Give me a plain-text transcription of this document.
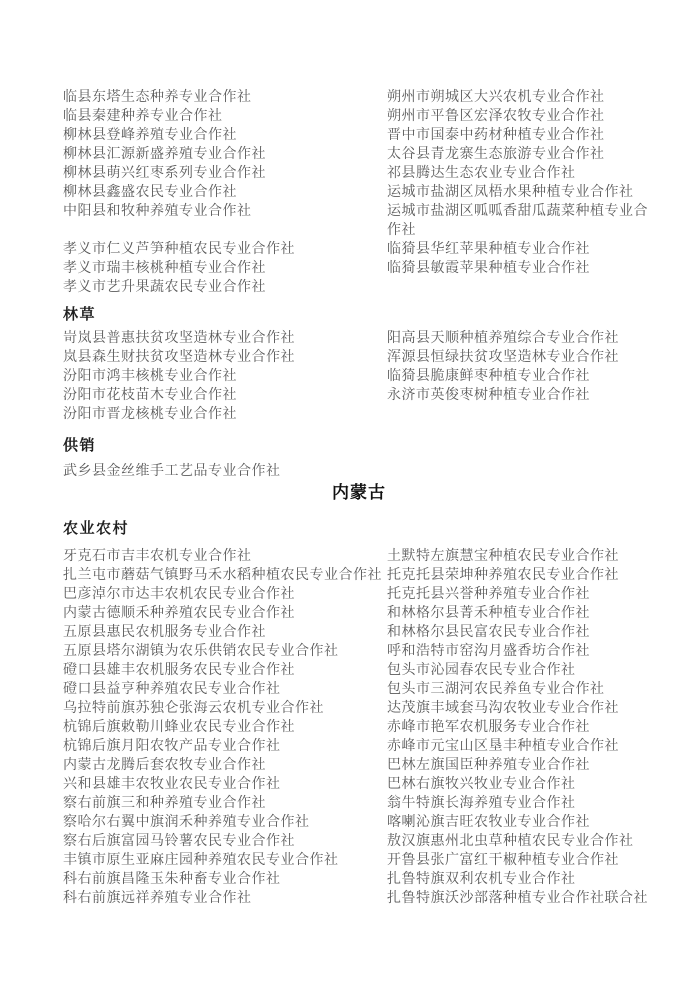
临县东塔生态种养专业合作社
临县秦建种养专业合作社
柳林县登峰养殖专业合作社
柳林县汇源新盛养殖专业合作社
柳林县萌兴红枣系列专业合作社
柳林县鑫盛农民专业合作社
中阳县和牧种养殖专业合作社
朔州市朔城区大兴农机专业合作社
朔州市平鲁区宏泽农牧专业合作社
晋中市国泰中药材种植专业合作社
太谷县青龙寨生态旅游专业合作社
祁县腾达生态农业专业合作社
运城市盐湖区凤梧水果种植专业合作社
运城市盐湖区呱呱香甜瓜蔬菜种植专业合作社
孝义市仁义芦笋种植农民专业合作社
孝义市瑞丰核桃种植专业合作社
孝义市艺升果蔬农民专业合作社
临猗县华红苹果种植专业合作社
临猗县敏霞苹果种植专业合作社
林草
岢岚县普惠扶贫攻坚造林专业合作社
岚县森生财扶贫攻坚造林专业合作社
汾阳市鸿丰核桃专业合作社
汾阳市花枝苗木专业合作社
汾阳市晋龙核桃专业合作社
阳高县天顺种植养殖综合专业合作社
浑源县恒绿扶贫攻坚造林专业合作社
临猗县脆康鲜枣种植专业合作社
永济市英俊枣树种植专业合作社
供销
武乡县金丝维手工艺品专业合作社
内蒙古
农业农村
牙克石市吉丰农机专业合作社
扎兰屯市蘑菇气镇野马禾水稻种植农民专业合作社
巴彦淖尔市达丰农机农民专业合作社
内蒙古德顺禾种养殖农民专业合作社
五原县惠民农机服务专业合作社
五原县塔尔湖镇为农乐供销农民专业合作社
磴口县雄丰农机服务农民专业合作社
磴口县益亨种养殖农民专业合作社
乌拉特前旗苏独仑张海云农机专业合作社
杭锦后旗敕勒川蜂业农民专业合作社
杭锦后旗月阳农牧产品专业合作社
内蒙古龙腾后套农牧专业合作社
兴和县雄丰农牧业农民专业合作社
察右前旗三和种养殖专业合作社
察哈尔右翼中旗润禾种养殖专业合作社
察右后旗富园马铃薯农民专业合作社
丰镇市原生亚麻庄园种养殖农民专业合作社
科右前旗昌隆玉朱种畜专业合作社
科右前旗远祥养殖专业合作社
土默特左旗慧宝种植农民专业合作社
托克托县荣坤种养殖农民专业合作社
托克托县兴誉种养殖专业合作社
和林格尔县菁禾种植专业合作社
和林格尔县民富农民专业合作社
呼和浩特市窑沟月盛香坊合作社
包头市沁园春农民专业合作社
包头市三湖河农民养鱼专业合作社
达茂旗丰域套马沟农牧业专业合作社
赤峰市艳军农机服务专业合作社
赤峰市元宝山区垦丰种植专业合作社
巴林左旗国臣种养殖专业合作社
巴林右旗牧兴牧业专业合作社
翁牛特旗长海养殖专业合作社
喀喇沁旗吉旺农牧业专业合作社
敖汉旗惠州北虫草种植农民专业合作社
开鲁县张广富红干椒种植专业合作社
扎鲁特旗双利农机专业合作社
扎鲁特旗沃沙部落种植专业合作社联合社
